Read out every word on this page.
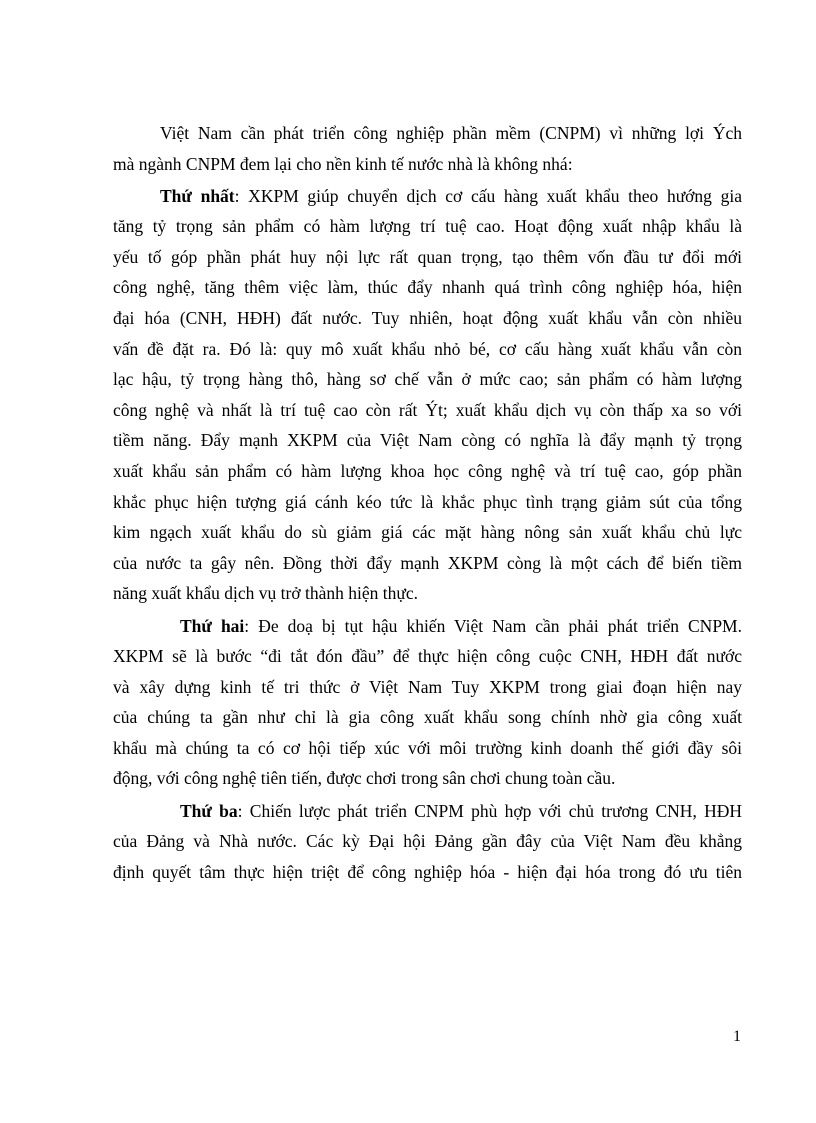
Việt Nam cần phát triển công nghiệp phần mềm (CNPM) vì những lợi Ých
mà ngành CNPM đem lại cho nền kinh tế nước nhà là không nhá:
Thứ nhất: XKPM giúp chuyển dịch cơ cấu hàng xuất khẩu theo hướng gia
tăng tỷ trọng sản phẩm có hàm lượng trí tuệ cao. Hoạt động xuất nhập khẩu là
yếu tố góp phần phát huy nội lực rất quan trọng, tạo thêm vốn đầu tư đổi mới
công nghệ, tăng thêm việc làm, thúc đẩy nhanh quá trình công nghiệp hóa, hiện
đại hóa (CNH, HĐH) đất nước. Tuy nhiên, hoạt động xuất khẩu vẫn còn nhiều
vấn đề đặt ra. Đó là: quy mô xuất khẩu nhỏ bé, cơ cấu hàng xuất khẩu vẫn còn
lạc hậu, tỷ trọng hàng thô, hàng sơ chế vẫn ở mức cao; sản phẩm có hàm lượng
công nghệ và nhất là trí tuệ cao còn rất Ýt; xuất khẩu dịch vụ còn thấp xa so với
tiềm năng. Đẩy mạnh XKPM của Việt Nam còng có nghĩa là đẩy mạnh tỷ trọng
xuất khẩu sản phẩm có hàm lượng khoa học công nghệ và trí tuệ cao, góp phần
khắc phục hiện tượng giá cánh kéo tức là khắc phục tình trạng giảm sút của tổng
kim ngạch xuất khẩu do sù giảm giá các mặt hàng nông sản xuất khẩu chủ lực
của nước ta gây nên. Đồng thời đẩy mạnh XKPM còng là một cách để biến tiềm
năng xuất khẩu dịch vụ trở thành hiện thực.
Thứ hai: Đe doạ bị tụt hậu khiến Việt Nam cần phải phát triển CNPM.
XKPM sẽ là bước “đi tắt đón đầu” để thực hiện công cuộc CNH, HĐH đất nước
và xây dựng kinh tế tri thức ở Việt Nam Tuy XKPM trong giai đoạn hiện nay
của chúng ta gần như chỉ là gia công xuất khẩu song chính nhờ gia công xuất
khẩu mà chúng ta có cơ hội tiếp xúc với môi trường kinh doanh thế giới đầy sôi
động, với công nghệ tiên tiến, được chơi trong sân chơi chung toàn cầu.
Thứ ba: Chiến lược phát triển CNPM phù hợp với chủ trương CNH, HĐH
của Đảng và Nhà nước. Các kỳ Đại hội Đảng gần đây của Việt Nam đều khẳng
định quyết tâm thực hiện triệt để công nghiệp hóa - hiện đại hóa trong đó ưu tiên
1
